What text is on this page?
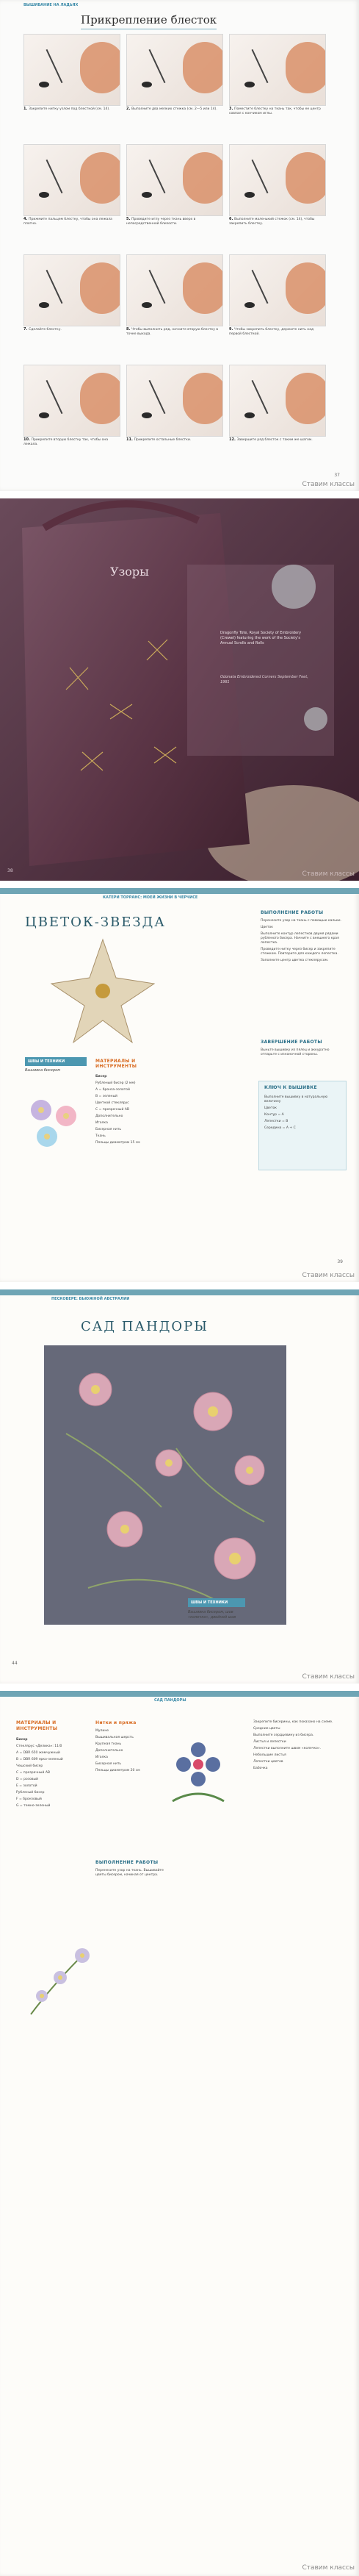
ВЫШИВАНИЕ НА ЛАДЬЯХ
Прикрепление блесток
1. Закрепите нитку узлом под блесткой (см. 14).	2. Выполните два мелких стежка (см. 2—5 или 14).	3. Поместите блестку на ткань так, чтобы ее центр совпал с кончиком иглы.
4. Прижмите пальцем блестку, чтобы она лежала плотно.
5. Проведите иглу через ткань вверх в непосредственной близости.
6. Выполните маленький стежок (см. 14), чтобы закрепить блестку.
7. Сделайте блестку.	8. Чтобы выполнить ряд, начните вторую блестку в точке выхода.
9. Чтобы закрепить блестку, держите нить над первой блесткой.
10. Прикрепите вторую блестку так, чтобы она лежала.
11. Прикрепите остальные блестки.	12. Завершите ряд блесток с таким же шагом.
37
Ставим классы
Узоры
Dragonfly Tote, Royal Society of Embroidery (Crewel) featuring the work of the Society's Annual Scrolls and Rolls
Odonata Embroidered Corners September Feet, 1981
38	Ставим классы
КАТЕРИ ТОРРАНС: МОЕЙ ЖИЗНИ В ЧЕРЧИСЕ
ЦВЕТОК-ЗВЕЗДА
ШВЫ И ТЕХНИКИ
Вышивка бисером
МАТЕРИАЛЫ И ИНСТРУМЕНТЫ

Бисер

Рубленый бисер (2 мм)

A = бронза-золотой

B = зеленый

Цветной стеклярус

C = прозрачный AB

Дополнительно

Иголка

Бисерная нить

Ткань

Пяльцы диаметром 15 см

ВЫПОЛНЕНИЕ РАБОТЫ

Перенесите узор на ткань с помощью кальки.

Цветок

Выполните контур лепестков двумя рядами рубленого бисера. Начните с внешнего края лепестка.

Проведите нитку через бисер и закрепите стежком. Повторите для каждого лепестка.

Заполните центр цветка стеклярусом.

ЗАВЕРШЕНИЕ РАБОТЫ
Выньте вышивку из пялец и аккуратно отпарьте с изнаночной стороны.
КЛЮЧ К ВЫШИВКЕ

Выполните вышивку в натуральную величину

Цветок

Контур = A

Лепестки = B

Середина = A + C

39
Ставим классы
ПЕСКОВЕРЕ: ВЬЮЖНОЙ АВСТРАЛИИ
САД ПАНДОРЫ
ШВЫ И ТЕХНИКИ
Вышивка бисером, шов «колечко», двойной шов
44
Ставим классы
САД ПАНДОРЫ
МАТЕРИАЛЫ И ИНСТРУМЕНТЫ

Бисер

Стеклярус «Делика»: 11/0

A = DBR 650 жемчужный

B = DBR 609 ярко-зеленый

Чешский бисер

C = прозрачный AB

D = розовый

E = золотой

Рубленый бисер

F = бронзовый

G = темно-зеленый

Нитки и пряжа

Мулине

Вышивальная шерсть

Крупная ткань

Дополнительно

Иголка

Бисерная нить

Пяльцы диаметром 20 см

ВЫПОЛНЕНИЕ РАБОТЫ
Перенесите узор на ткань. Вышивайте цветы бисером, начиная от центра.

Закрепите бисерины, как показано на схеме.

Средние цветы

Выполните сердцевину из бисера.

Листья и лепестки

Лепестки выполните швом «колечко».

Небольшие листья

Лепестки цветов

Бабочка

Ставим классы
